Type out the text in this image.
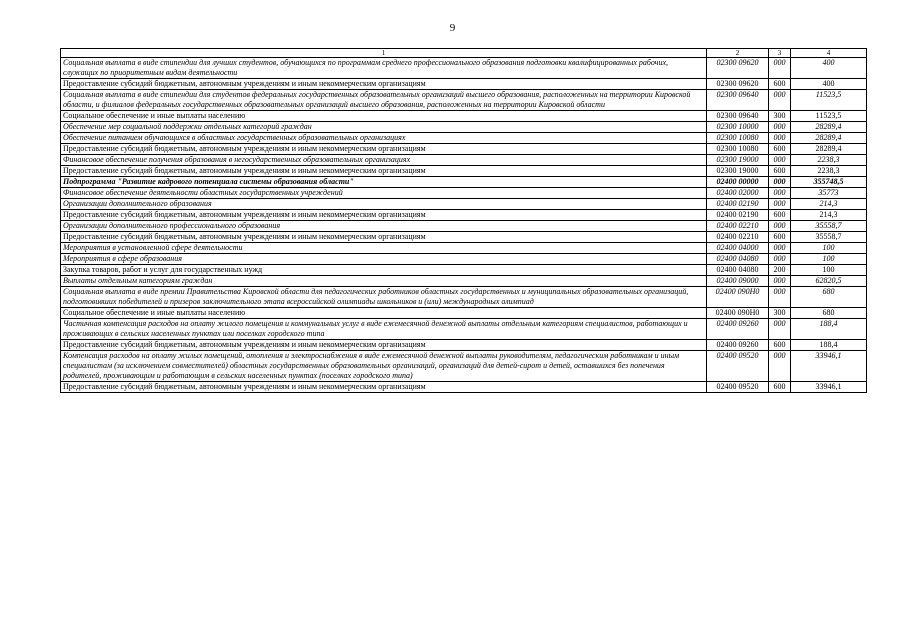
9
1	2	3	4
Социальная выплата в виде стипендии для лучших студентов, обучающихся по программам среднего профессионального образования подготовки квалифицированных рабочих, служащих по приоритетным видам деятельности	02300 09620	000	400
Предоставление субсидий бюджетным, автономным учреждениям и иным некоммерческим организациям	02300 09620	600	400
Социальная выплата в виде стипендии для студентов федеральных государственных образовательных организаций высшего образования, расположенных на территории Кировской области, и филиалов федеральных государственных образовательных организаций высшего образования, расположенных на территории Кировской области	02300 09640	000	11523,5
Социальное обеспечение и иные выплаты населению	02300 09640	300	11523,5
Обеспечение мер социальной поддержки отдельных категорий граждан	02300 10000	000	28289,4
Обеспечение питанием обучающихся в областных государственных образовательных организациях	02300 10080	000	28289,4
Предоставление субсидий бюджетным, автономным учреждениям и иным некоммерческим организациям	02300 10080	600	28289,4
Финансовое обеспечение получения образования в негосударственных образовательных организациях	02300 19000	000	2238,3
Предоставление субсидий бюджетным, автономным учреждениям и иным некоммерческим организациям	02300 19000	600	2238,3
Подпрограмма "Развитие кадрового потенциала системы образования области"	02400 00000	000	355748,5
Финансовое обеспечение деятельности областных государственных учреждений	02400 02000	000	35773
Организации дополнительного образования	02400 02190	000	214,3
Предоставление субсидий бюджетным, автономным учреждениям и иным некоммерческим организациям	02400 02190	600	214,3
Организации дополнительного профессионального образования	02400 02210	000	35558,7
Предоставление субсидий бюджетным, автономным учреждениям и иным некоммерческим организациям	02400 02210	600	35558,7
Мероприятия в установленной сфере деятельности	02400 04000	000	100
Мероприятия в сфере образования	02400 04080	000	100
Закупка товаров, работ и услуг для государственных нужд	02400 04080	200	100
Выплаты отдельным категориям граждан	02400 09000	000	62820,5
Социальная выплата в виде премии Правительства Кировской области для педагогических работников областных государственных и муниципальных образовательных организаций, подготовивших победителей и призеров заключительного этапа всероссийской олимпиады школьников и (или) международных олимпиад	02400 090Н0	000	680
Социальное обеспечение и иные выплаты населению	02400 090Н0	300	680
Частичная компенсация расходов на оплату жилого помещения и коммунальных услуг в виде ежемесячной денежной выплаты отдельным категориям специалистов, работающих и проживающих в сельских населенных пунктах или поселках городского типа	02400 09260	000	188,4
Предоставление субсидий бюджетным, автономным учреждениям и иным некоммерческим организациям	02400 09260	600	188,4
Компенсация расходов на оплату жилых помещений, отопления и электроснабжения в виде ежемесячной денежной выплаты руководителям, педагогическим работникам и иным специалистам (за исключением совместителей) областных государственных образовательных организаций, организаций для детей-сирот и детей, оставшихся без попечения родителей, проживающим и работающим в сельских населенных пунктах (поселках городского типа)	02400 09520	000	33946,1
Предоставление субсидий бюджетным, автономным учреждениям и иным некоммерческим организациям	02400 09520	600	33946,1
